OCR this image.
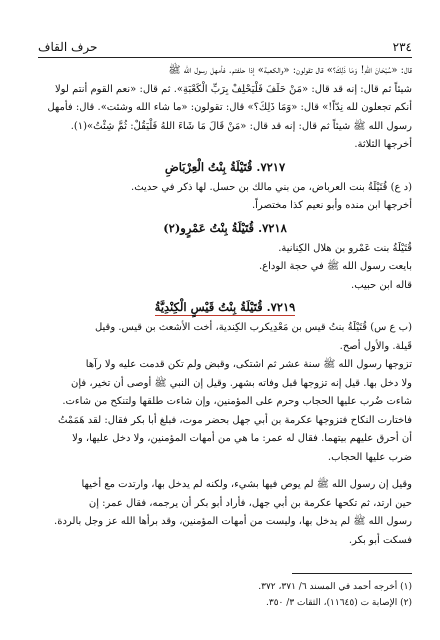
٢٣٤
حرف القاف

قال: «سُبْحَانَ اللهِ! وَمَا ذَلِكَ؟» قال تقولون: «والكعبة» إذا حلفتم. فأمهل رسول الله ﷺ

شيئاً ثم قال: إنه قد قال: «مَنْ حَلَفَ فَلْيَحْلِفْ بِرَبِّ الْكَعْبَةِ». ثم قال: «نعم القوم أنتم لولا

أنكم تجعلون لله نِدّاً!» قال: «وَمَا ذَلِكَ؟» قال: تقولون: «ما شاء الله وشئت». قال: فأمهل

رسول الله ﷺ شيئاً ثم قال: إنه قد قال: «مَنْ قَالَ مَا شَاءَ اللهُ فَلْيَقُلْ: ثُمَّ شِئْتُ»(١).

أخرجها الثلاثة.

٧٢١٧. قُتَيْلَةُ بِنْتُ الْعِرْبَاضِ

(د ع) قُتَيْلَةُ بنت العرباض، من بني مالك بن حسل. لها ذكر في حديث.

أخرجها ابن منده وأبو نعيم كذا مختصراً.

٧٢١٨. قُتَيْلَةُ بِنْتُ عَمْرٍو(٢)

قُتَيْلَةُ بنت عَمْرو بن هلال الكِنانية.

بايعت رسول الله ﷺ في حجة الوداع.

قاله ابن حبيب.

٧٢١٩. قُتَيْلَةُ بِنْتُ قَيْسٍ الْكِنْدِيَّةُ

(ب ع س) قُتَيْلَةُ بنتُ قيس بن مَعْدِيكرب الكِندية، أخت الأشعث بن قيس. وقيل

قَيلة. والأول أصح.

تزوجها رسول الله ﷺ سنة عشر ثم اشتكى، وقبض ولم تكن قدمت عليه ولا رآها

ولا دخل بها. قيل إنه تزوجها قبل وفاته بشهر. وقيل إن النبي ﷺ أوصى أن تخير، فإن

شاءت ضُرب عليها الحجاب وحرم على المؤمنين، وإن شاءت طلقها ولتنكح من شاءت.

فاختارت النكاح فتزوجها عكرمة بن أبي جهل بحضر موت، فبلغ أبا بكر فقال: لقد هَمَمْتُ

أن أحرق عليهم بيتهما. فقال له عمر: ما هي من أمهات المؤمنين، ولا دخل عليها، ولا

ضرب عليها الحجاب.

وقيل إن رسول الله ﷺ لم يوص فيها بشيء، ولكنه لم يدخل بها، وارتدت مع أخيها

حين ارتد، ثم تكحها عكرمة بن أبي جهل، فأراد أبو بكر أن يرجمه، فقال عمر: إن

رسول الله ﷺ لم يدخل بها، وليست من أمهات المؤمنين، وقد برأها الله عز وجل بالردة.

فسكت أبو بكر.

(١) أخرجه أحمد في المسند ٦/ ٣٧١، ٣٧٢.

(٢) الإصابة ت (١١٦٤٥)، الثقات ٣/ ٣٥٠.
